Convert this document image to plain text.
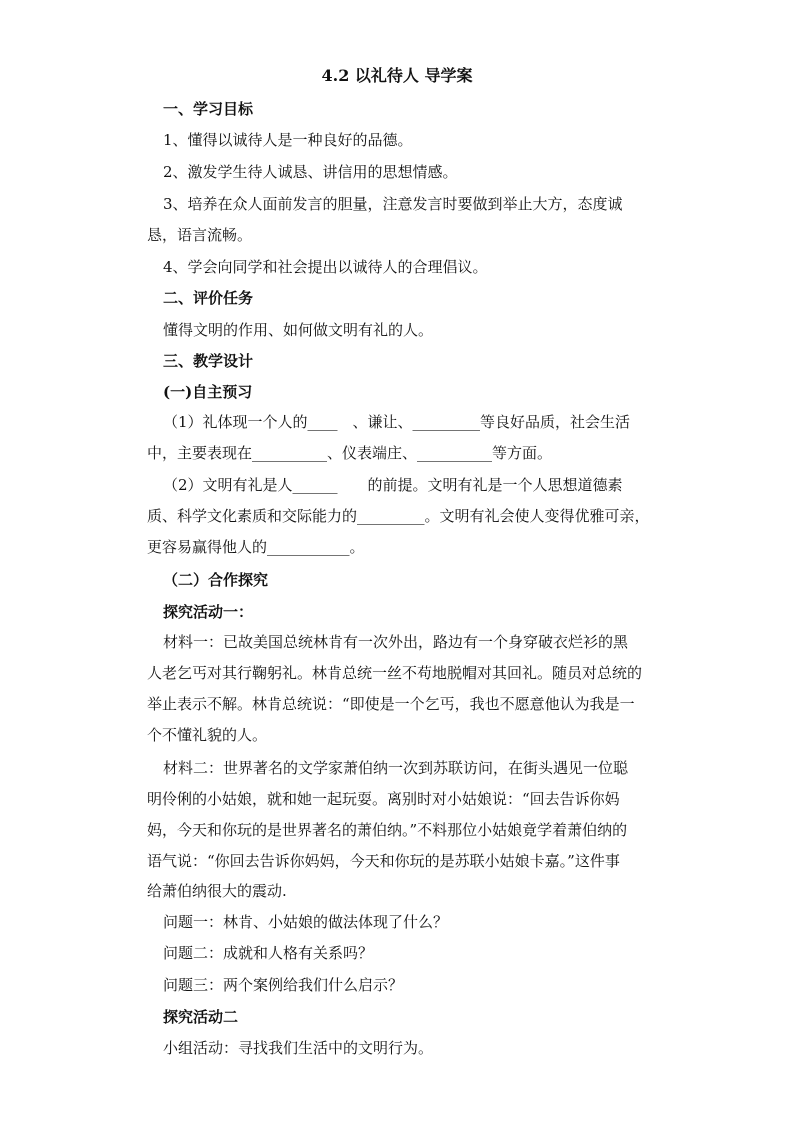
4.2 以礼待人 导学案
一、学习目标
1、懂得以诚待人是一种良好的品德。
2、激发学生待人诚恳、讲信用的思想情感。
3、培养在众人面前发言的胆量，注意发言时要做到举止大方，态度诚
恳，语言流畅。
4、学会向同学和社会提出以诚待人的合理倡议。
二、评价任务
懂得文明的作用、如何做文明有礼的人。
三、教学设计
(一)自主预习
（1）礼体现一个人的____　、谦让、_________等良好品质，社会生活
中，主要表现在__________、仪表端庄、__________等方面。
（2）文明有礼是人______　　的前提。文明有礼是一个人思想道德素
质、科学文化素质和交际能力的_________。文明有礼会使人变得优雅可亲，
更容易赢得他人的___________。
（二）合作探究
探究活动一：
材料一：已故美国总统林肯有一次外出，路边有一个身穿破衣烂衫的黑
人老乞丐对其行鞠躬礼。林肯总统一丝不苟地脱帽对其回礼。随员对总统的
举止表示不解。林肯总统说：“即使是一个乞丐，我也不愿意他认为我是一
个不懂礼貌的人。
材料二：世界著名的文学家萧伯纳一次到苏联访问，在街头遇见一位聪
明伶俐的小姑娘，就和她一起玩耍。离别时对小姑娘说：“回去告诉你妈
妈，今天和你玩的是世界著名的萧伯纳。”不料那位小姑娘竟学着萧伯纳的
语气说：“你回去告诉你妈妈，今天和你玩的是苏联小姑娘卡嘉。”这件事
给萧伯纳很大的震动.
问题一：林肯、小姑娘的做法体现了什么？
问题二：成就和人格有关系吗？
问题三：两个案例给我们什么启示？
探究活动二
小组活动：寻找我们生活中的文明行为。
